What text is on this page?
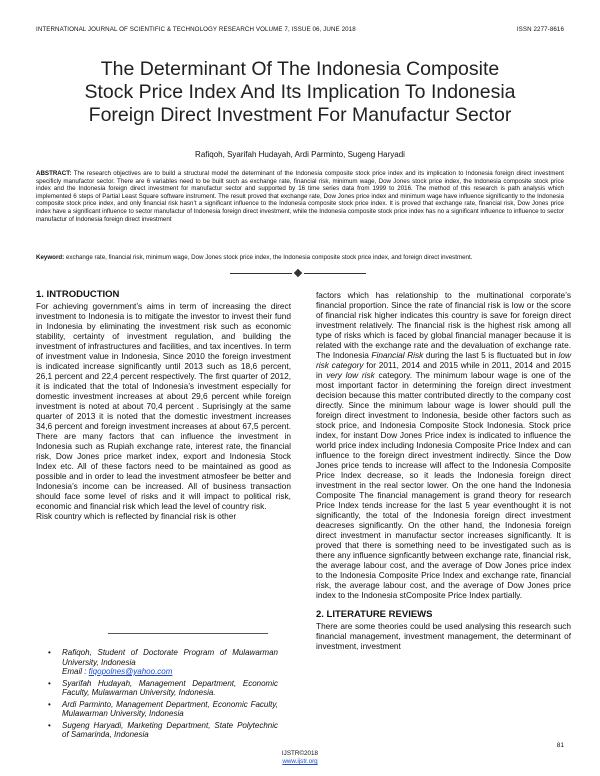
INTERNATIONAL JOURNAL OF SCIENTIFIC & TECHNOLOGY RESEARCH VOLUME 7, ISSUE 06, JUNE 2018	ISSN 2277-8616
The Determinant Of The Indonesia Composite
Stock Price Index And Its Implication To Indonesia
Foreign Direct Investment For Manufactur Sector
Rafiqoh, Syarifah Hudayah, Ardi Parminto, Sugeng Haryadi
ABSTRACT: The research objectives are to build a structural model the determinant of the Indonesia composite stock price index and its implication to Indonesia foreign direct investment specificly manufactor sector. There are 6 variables need to be built such as exchange rate, financial risk, minimum wage, Dow Jones stock price index, the Indonesia composite stock price index and the Indonesia foreign direct investment for manufactur sector and supported by 16 time series data from 1999 to 2016. The method of this research is path analysis which implemented 6 steps of Partial Least Square software instrument. The result proved that exchange rate, Dow Jones price index and minimum wage have influence significantly to the Indonesia composite stock price index, and only financial risk hasn’t a significant influence to the Indonesia composite stock price index. It is proved that exchange rate, financial risk, Dow Jones price index have a significant influence to sector manufactur of Indonesia foreign direct investment, while the Indonesia composite stock price index has no a significant influence to influence to sector manufactur of Indonesia foreign direct investment
Keyword: exchange rate, financial risk, minimum wage, Dow Jones stock price index, the Indonesia composite stock price index, and foreign direct investment.
1. INTRODUCTION

For achieving government’s aims in term of increasing the direct investment to Indonesia is to mitigate the investor to invest their fund in Indonesia by eliminating the investment risk such as economic stability, certainty of investment regulation, and building the investment of infrastructures and facilities, and tax incentives. In term of investment value in Indonesia, Since 2010 the foreign investment is indicated increase significantly until 2013 such as 18,6 percent, 26,1 percent and 22,4 percent respectively. The first quarter of 2012, it is indicated that the total of Indonesia’s investment especially for domestic investment increases at about 29,6 percent while foreign investment is noted at about 70,4 percent . Suprisingly at the same quarter of 2013 it is noted that the domestic investment increases 34,6 percent and foreign investment increases at about 67,5 percent. There are many factors that can influence the investment in Indonesia such as Rupiah exchange rate, interest rate, the financial risk, Dow Jones price market index, export and Indonesia Stock Index etc. All of these factors need to be maintained as good as possible and in order to lead the investment atmosfeer be better and Indonesia’s income can be increased. All of business transaction should face some level of risks and it will impact to political risk, economic and financial risk which lead the level of country risk.

Risk country which is reflected by financial risk is other

• Rafiqoh, Student of Doctorate Program of Mulawarman University, Indonesia
Email : fiqopolnes@yahoo.com
• Syarifah Hudayah, Management Department, Economic Faculty, Mulawarman University, Indonesia.
• Ardi Parminto, Management Department, Economic Faculty, Mulawarman University, Indonesia
• Sugeng Haryadi, Marketing Department, State Polytechnic of Samarinda, Indonesia

factors which has relationship to the multinational corporate’s financial proportion. Since the rate of financial risk is low or the score of financial risk higher indicates this country is save for foreign direct investment relatively. The financial risk is the highest risk among all type of risks which is faced by global financial manager because it is related with the exchange rate and the devaluation of exchange rate. The Indonesia Financial Risk during the last 5 is fluctuated but in low risk category for 2011, 2014 and 2015 while in 2011, 2014 and 2015 in very low risk category. The minimum labour wage is one of the most important factor in determining the foreign direct investment decision because this matter contributed directly to the company cost directly. Since the minimum labour wage is lower should pull the foreign direct investment to Indonesia, beside other factors such as stock price, and Indonesia Composite Stock Indonesia. Stock price index, for instant Dow Jones Price index is indicated to influence the world price index including Indonesia Composite Price Index and can influence to the foreign direct investment indirectly. Since the Dow Jones price tends to increase will affect to the Indonesia Composite Price Index decrease, so it leads the Indonesia foreign direct investment in the real sector lower. On the one hand the Indonesia Composite The financial management is grand theory for research Price Index tends increase for the last 5 year eventhought it is not significantly, the total of the Indonesia foreign direct investment deacreses significantly. On the other hand, the Indonesia foreign direct investment in manufactur sector increases significantly. It is proved that there is something need to be investigated such as is there any influence signficantly between exchange rate, financial risk, the average labour cost, and the average of Dow Jones price index to the Indonesia Composite Price Index and exchange rate, financial risk, the average labour cost, and the average of Dow Jones price index to the Indonesia stComposite Price Index partially.

2. LITERATURE REVIEWS

There are some theories could be used analysing this research such financial management, investment management, the determinant of investment, investment

81
IJSTR©2018
www.ijstr.org
